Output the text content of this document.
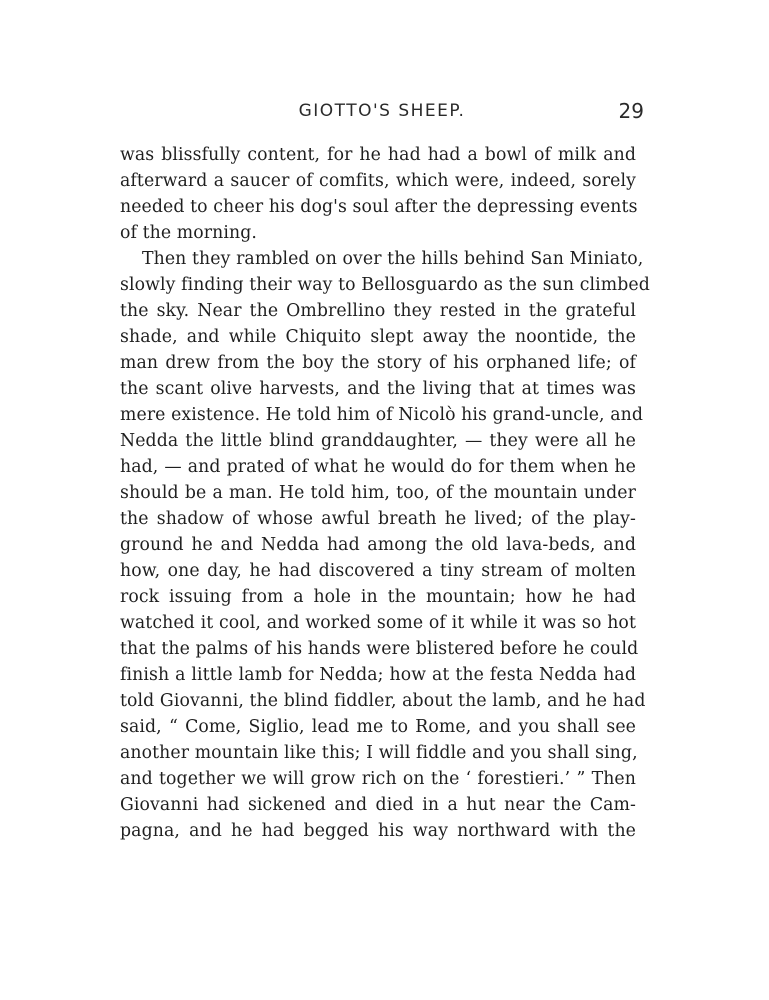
GIOTTO'S SHEEP.	29
was blissfully content, for he had had a bowl of milk and
afterward a saucer of comfits, which were, indeed, sorely
needed to cheer his dog's soul after the depressing events
of the morning.
Then they rambled on over the hills behind San Miniato,
slowly finding their way to Bellosguardo as the sun climbed
the sky. Near the Ombrellino they rested in the grateful
shade, and while Chiquito slept away the noontide, the
man drew from the boy the story of his orphaned life; of
the scant olive harvests, and the living that at times was
mere existence. He told him of Nicolò his grand-uncle, and
Nedda the little blind granddaughter, — they were all he
had, — and prated of what he would do for them when he
should be a man. He told him, too, of the mountain under
the shadow of whose awful breath he lived; of the play-
ground he and Nedda had among the old lava-beds, and
how, one day, he had discovered a tiny stream of molten
rock issuing from a hole in the mountain; how he had
watched it cool, and worked some of it while it was so hot
that the palms of his hands were blistered before he could
finish a little lamb for Nedda; how at the festa Nedda had
told Giovanni, the blind fiddler, about the lamb, and he had
said, “ Come, Siglio, lead me to Rome, and you shall see
another mountain like this; I will fiddle and you shall sing,
and together we will grow rich on the ‘ forestieri.’ ” Then
Giovanni had sickened and died in a hut near the Cam-
pagna, and he had begged his way northward with the
